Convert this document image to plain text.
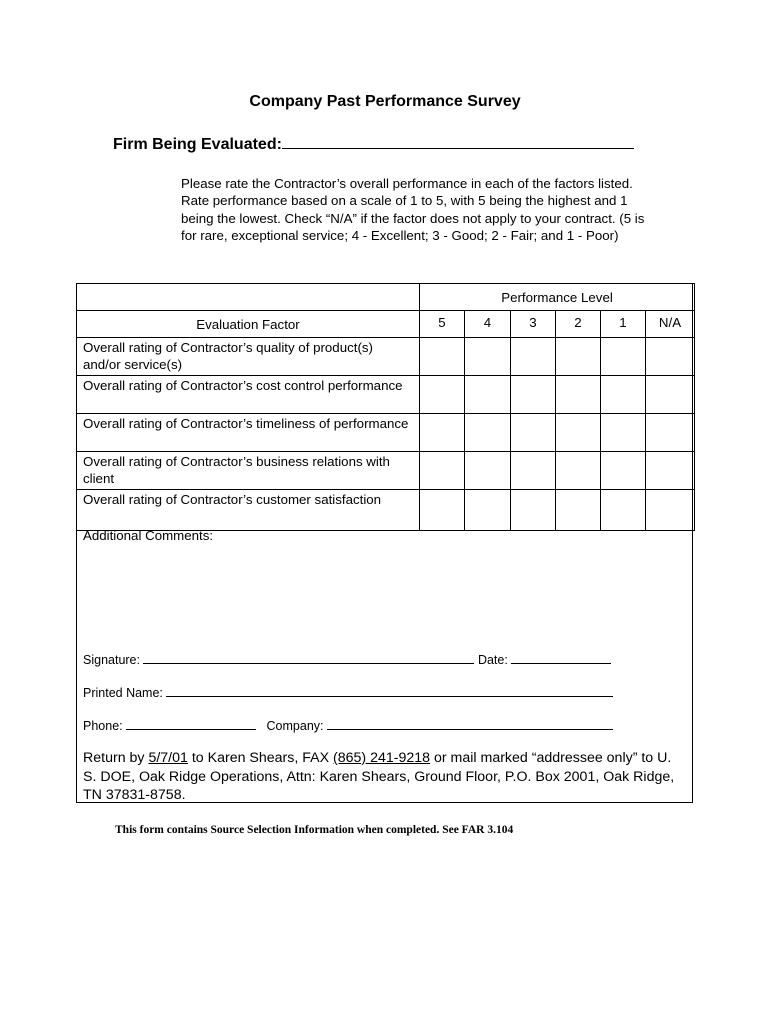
Company Past Performance Survey
Firm Being Evaluated:
Please rate the Contractor’s overall performance in each of the factors listed. Rate performance based on a scale of 1 to 5, with 5 being the highest and 1 being the lowest. Check “N/A” if the factor does not apply to your contract. (5 is for rare, exceptional service; 4 - Excellent; 3 - Good; 2 - Fair; and 1 - Poor)
	Performance Level					
Evaluation Factor	5	4	3	2	1	N/A
Overall rating of Contractor’s quality of product(s) and/or service(s)						
Overall rating of Contractor’s cost control performance						
Overall rating of Contractor’s timeliness of performance						
Overall rating of Contractor’s business relations with client						
Overall rating of Contractor’s customer satisfaction						
Additional Comments:
Signature:	Date:
Printed Name:
Phone:	Company:
Return by 5/7/01 to Karen Shears, FAX (865) 241-9218 or mail marked “addressee only” to U. S. DOE, Oak Ridge Operations, Attn: Karen Shears, Ground Floor, P.O. Box 2001, Oak Ridge, TN 37831-8758.
This form contains Source Selection Information when completed. See FAR 3.104
